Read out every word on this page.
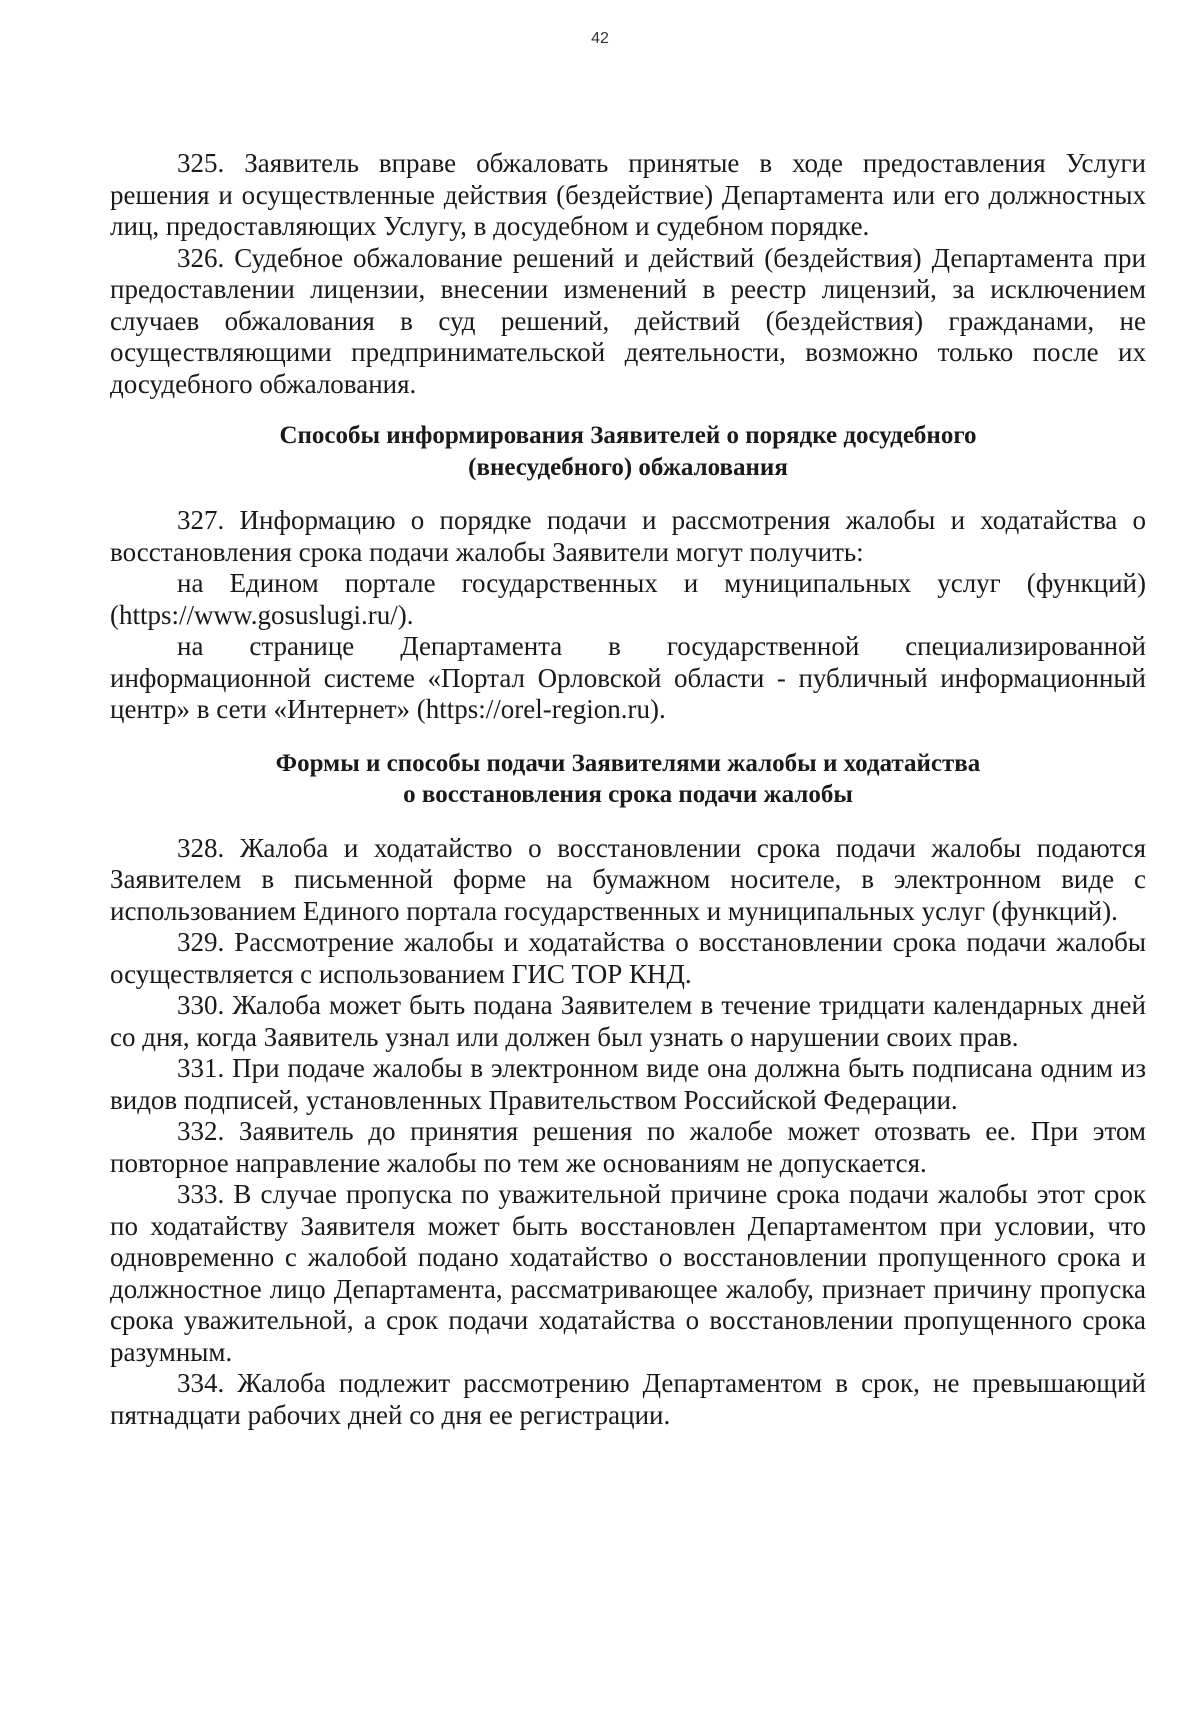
42

325. Заявитель вправе обжаловать принятые в ходе предоставления Услуги решения и осуществленные действия (бездействие) Департамента или его должностных лиц, предоставляющих Услугу, в досудебном и судебном порядке.

326. Судебное обжалование решений и действий (бездействия) Департамента при предоставлении лицензии, внесении изменений в реестр лицензий, за исключением случаев обжалования в суд решений, действий (бездействия) гражданами, не осуществляющими предпринимательской деятельности, возможно только после их досудебного обжалования.

Способы информирования Заявителей о порядке досудебного
(внесудебного) обжалования

327. Информацию о порядке подачи и рассмотрения жалобы и ходатайства о восстановления срока подачи жалобы Заявители могут получить:

на Едином портале государственных и муниципальных услуг (функций) (https://www.gosuslugi.ru/).

на странице Департамента в государственной специализированной информационной системе «Портал Орловской области - публичный информационный центр» в сети «Интернет» (https://orel-region.ru).

Формы и способы подачи Заявителями жалобы и ходатайства
о восстановления срока подачи жалобы

328. Жалоба и ходатайство о восстановлении срока подачи жалобы подаются Заявителем в письменной форме на бумажном носителе, в электронном виде с использованием Единого портала государственных и муниципальных услуг (функций).

329. Рассмотрение жалобы и ходатайства о восстановлении срока подачи жалобы осуществляется с использованием ГИС ТОР КНД.

330. Жалоба может быть подана Заявителем в течение тридцати календарных дней со дня, когда Заявитель узнал или должен был узнать о нарушении своих прав.

331. При подаче жалобы в электронном виде она должна быть подписана одним из видов подписей, установленных Правительством Российской Федерации.

332. Заявитель до принятия решения по жалобе может отозвать ее. При этом повторное направление жалобы по тем же основаниям не допускается.

333. В случае пропуска по уважительной причине срока подачи жалобы этот срок по ходатайству Заявителя может быть восстановлен Департаментом при условии, что одновременно с жалобой подано ходатайство о восстановлении пропущенного срока и должностное лицо Департамента, рассматривающее жалобу, признает причину пропуска срока уважительной, а срок подачи ходатайства о восстановлении пропущенного срока разумным.

334. Жалоба подлежит рассмотрению Департаментом в срок, не превышающий пятнадцати рабочих дней со дня ее регистрации.
